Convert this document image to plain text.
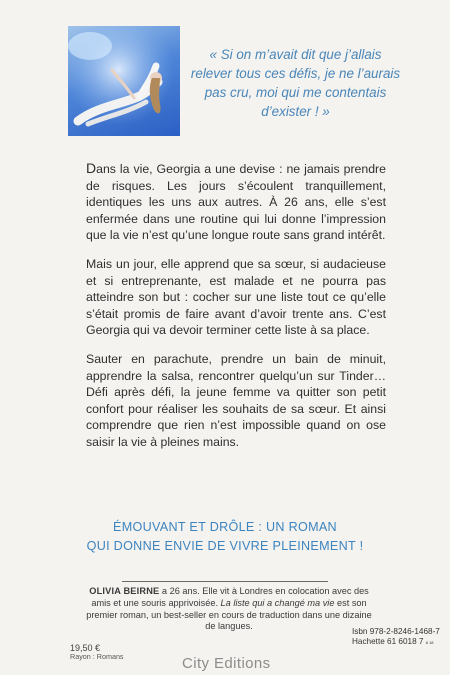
« Si on m’avait dit que j’allais relever tous ces défis, je ne l’aurais pas cru, moi qui me contentais d’exister ! »

Dans la vie, Georgia a une devise : ne jamais prendre de risques. Les jours s’écoulent tranquillement, identiques les uns aux autres. À 26 ans, elle s’est enfermée dans une routine qui lui donne l’impression que la vie n’est qu’une longue route sans grand intérêt.

Mais un jour, elle apprend que sa sœur, si audacieuse et si entreprenante, est malade et ne pourra pas atteindre son but : cocher sur une liste tout ce qu’elle s’était promis de faire avant d’avoir trente ans. C’est Georgia qui va devoir terminer cette liste à sa place.

Sauter en parachute, prendre un bain de minuit, apprendre la salsa, rencontrer quelqu’un sur Tinder… Défi après défi, la jeune femme va quitter son petit confort pour réaliser les souhaits de sa sœur. Et ainsi comprendre que rien n’est impossible quand on ose saisir la vie à pleines mains.

ÉMOUVANT ET DRÔLE : UN ROMAN
QUI DONNE ENVIE DE VIVRE PLEINEMENT !
OLIVIA BEIRNE a 26 ans. Elle vit à Londres en colocation avec des amis et une souris apprivoisée. La liste qui a changé ma vie est son premier roman, un best-seller en cours de traduction dans une dizaine de langues.
Isbn 978-2-8246-1468-7
Hachette 61 6018 7 6 18
19,50 €
Rayon : Romans	City Editions
